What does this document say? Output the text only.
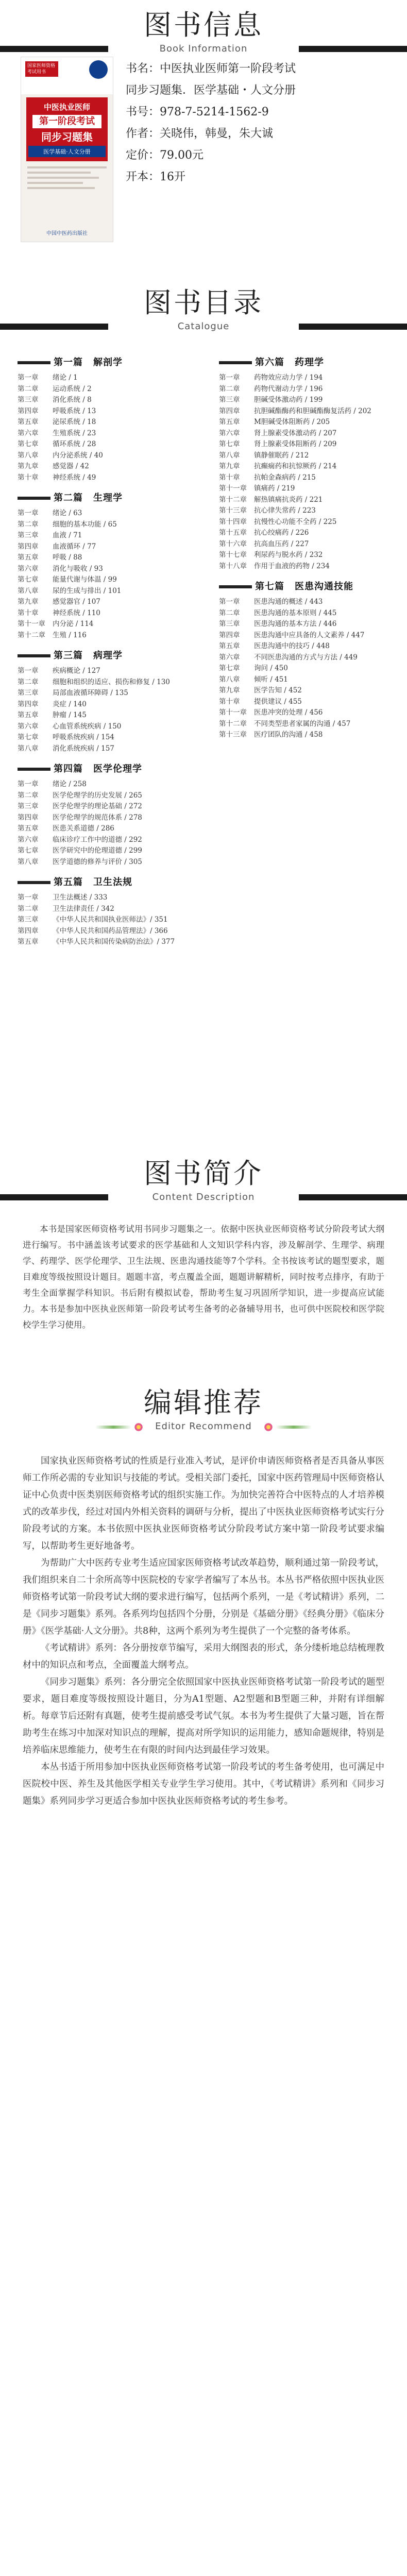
图书信息
Book Information
国家医师资格考试用书
中医执业医师
第一阶段考试
同步习题集
医学基础·人文分册
中国中医药出版社
书名：中医执业医师第一阶段考试
同步习题集．医学基础・人文分册
书号：978-7-5214-1562-9
作者：关晓伟，韩曼，朱大诚
定价：79.00元
开本：16开
图书目录
Catalogue
第一篇 解剖学
第一章	绪论 / 1
第二章	运动系统 / 2
第三章	消化系统 / 8
第四章	呼吸系统 / 13
第五章	泌尿系统 / 18
第六章	生殖系统 / 23
第七章	循环系统 / 28
第八章	内分泌系统 / 40
第九章	感觉器 / 42
第十章	神经系统 / 49
第二篇 生理学
第一章	绪论 / 63
第二章	细胞的基本功能 / 65
第三章	血液 / 71
第四章	血液循环 / 77
第五章	呼吸 / 88
第六章	消化与吸收 / 93
第七章	能量代谢与体温 / 99
第八章	尿的生成与排出 / 101
第九章	感觉器官 / 107
第十章	神经系统 / 110
第十一章	内分泌 / 114
第十二章	生殖 / 116
第三篇 病理学
第一章	疾病概论 / 127
第二章	细胞和组织的适应、损伤和修复 / 130
第三章	局部血液循环障碍 / 135
第四章	炎症 / 140
第五章	肿瘤 / 145
第六章	心血管系统疾病 / 150
第七章	呼吸系统疾病 / 154
第八章	消化系统疾病 / 157
第四篇 医学伦理学
第一章	绪论 / 258
第二章	医学伦理学的历史发展 / 265
第三章	医学伦理学的理论基础 / 272
第四章	医学伦理学的规范体系 / 278
第五章	医患关系道德 / 286
第六章	临床诊疗工作中的道德 / 292
第七章	医学研究中的伦理道德 / 299
第八章	医学道德的修养与评价 / 305
第五篇 卫生法规
第一章	卫生法概述 / 333
第二章	卫生法律责任 / 342
第三章	《中华人民共和国执业医师法》/ 351
第四章	《中华人民共和国药品管理法》/ 366
第五章	《中华人民共和国传染病防治法》/ 377
第六篇 药理学
第一章	药物效应动力学 / 194
第二章	药物代谢动力学 / 196
第三章	胆碱受体激动药 / 199
第四章	抗胆碱酯酶药和胆碱酯酶复活药 / 202
第五章	M胆碱受体阻断药 / 205
第六章	肾上腺素受体激动药 / 207
第七章	肾上腺素受体阻断药 / 209
第八章	镇静催眠药 / 212
第九章	抗癫痫药和抗惊厥药 / 214
第十章	抗帕金森病药 / 215
第十一章	镇痛药 / 219
第十二章	解热镇痛抗炎药 / 221
第十三章	抗心律失常药 / 223
第十四章	抗慢性心功能不全药 / 225
第十五章	抗心绞痛药 / 226
第十六章	抗高血压药 / 227
第十七章	利尿药与脱水药 / 232
第十八章	作用于血液的药物 / 234
第七篇 医患沟通技能
第一章	医患沟通的概述 / 443
第二章	医患沟通的基本原则 / 445
第三章	医患沟通的基本方法 / 446
第四章	医患沟通中应具备的人文素养 / 447
第五章	医患沟通中的技巧 / 448
第六章	不同医患沟通的方式与方法 / 449
第七章	询问 / 450
第八章	倾听 / 451
第九章	医学告知 / 452
第十章	提供建议 / 455
第十一章	医患冲突的处理 / 456
第十二章	不同类型患者家属的沟通 / 457
第十三章	医疗团队的沟通 / 458
图书简介
Content Description
本书是国家医师资格考试用书同步习题集之一。依据中医执业医师资格考试分阶段考试大纲进行编写。书中涵盖该考试要求的医学基础和人文知识学科内容，涉及解剖学、生理学、病理学、药理学、医学伦理学、卫生法规、医患沟通技能等7个学科。全书按该考试的题型要求，题目难度等级按照设计题目。题题丰富，考点覆盖全面，题题讲解精析，同时按考点排序，有助于考生全面掌握学科知识。书后附有模拟试卷，帮助考生复习巩固所学知识，进一步提高应试能力。本书是参加中医执业医师第一阶段考试考生备考的必备辅导用书，也可供中医院校和医学院校学生学习使用。
编辑推荐
Editor Recommend

国家执业医师资格考试的性质是行业准入考试，是评价申请医师资格者是否具备从事医师工作所必需的专业知识与技能的考试。受相关部门委托，国家中医药管理局中医师资格认证中心负责中医类别医师资格考试的组织实施工作。为加快完善符合中医特点的人才培养模式的改革步伐，经过对国内外相关资料的调研与分析，提出了中医执业医师资格考试实行分阶段考试的方案。本书依照中医执业医师资格考试分阶段考试方案中第一阶段考试要求编写，以帮助考生更好地备考。

为帮助广大中医药专业考生适应国家医师资格考试改革趋势，顺利通过第一阶段考试，我们组织来自二十余所高等中医院校的专家学者编写了本丛书。本丛书严格依照中医执业医师资格考试第一阶段考试大纲的要求进行编写，包括两个系列，一是《考试精讲》系列，二是《同步习题集》系列。各系列均包括四个分册，分别是《基础分册》《经典分册》《临床分册》《医学基础·人文分册》。共8种，这两个系列为考生提供了一个完整的备考体系。

《考试精讲》系列：各分册按章节编写，采用大纲图表的形式，条分缕析地总结梳理教材中的知识点和考点，全面覆盖大纲考点。

《同步习题集》系列：各分册完全依照国家中医执业医师资格考试第一阶段考试的题型要求，题目难度等级按照设计题目，分为A1型题、A2型题和B型题三种，并附有详细解析。每章节后还附有真题，使考生提前感受考试气氛。本书为考生提供了大量习题，旨在帮助考生在练习中加深对知识点的理解，提高对所学知识的运用能力，感知命题规律，特别是培养临床思维能力，使考生在有限的时间内达到最佳学习效果。

本丛书适于所用参加中医执业医师资格考试第一阶段考试的考生备考使用，也可满足中医院校中医、养生及其他医学相关专业学生学习使用。其中，《考试精讲》系列和《同步习题集》系列同步学习更适合参加中医执业医师资格考试的考生参考。
